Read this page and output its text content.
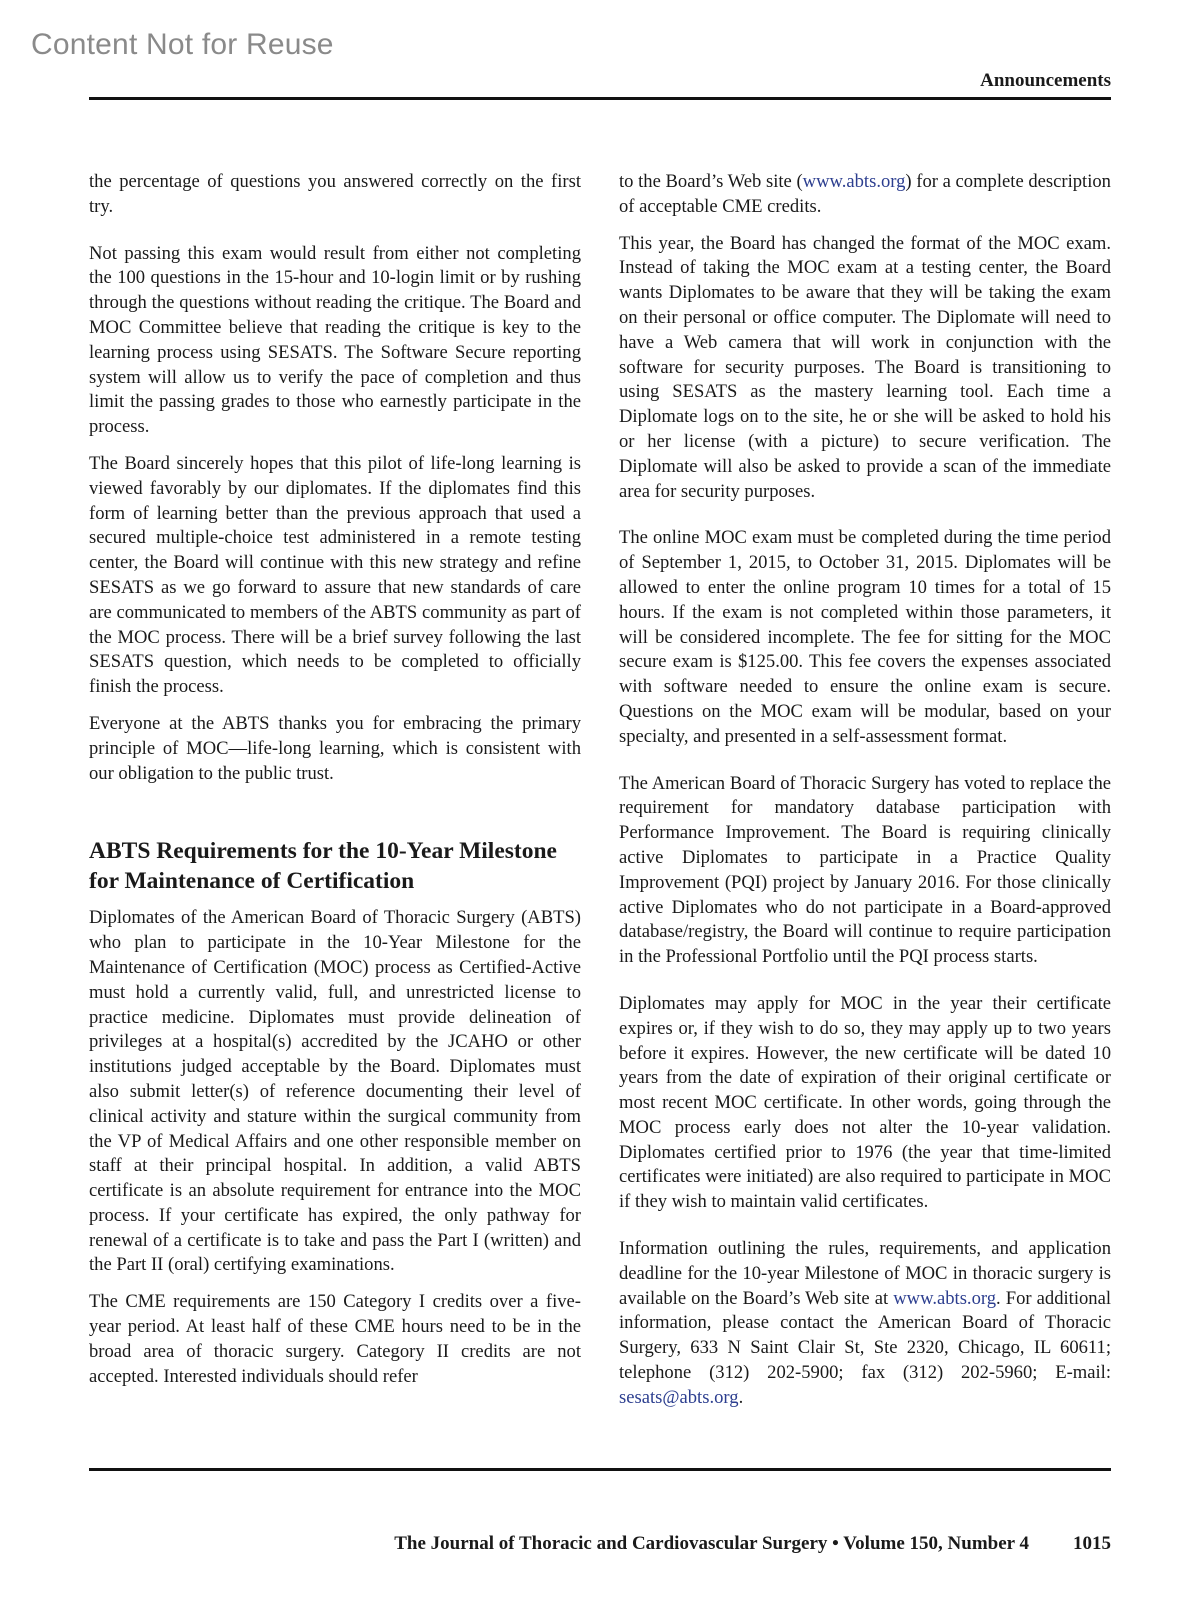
Content Not for Reuse
Announcements

the percentage of questions you answered correctly on the first try.

Not passing this exam would result from either not completing the 100 questions in the 15-hour and 10-login limit or by rushing through the questions without reading the critique. The Board and MOC Committee believe that reading the critique is key to the learning process using SESATS. The Software Secure reporting system will allow us to verify the pace of completion and thus limit the passing grades to those who earnestly participate in the process.

The Board sincerely hopes that this pilot of life-long learning is viewed favorably by our diplomates. If the diplomates find this form of learning better than the previous approach that used a secured multiple-choice test administered in a remote testing center, the Board will continue with this new strategy and refine SESATS as we go forward to assure that new standards of care are communicated to members of the ABTS community as part of the MOC process. There will be a brief survey following the last SESATS question, which needs to be completed to officially finish the process.

Everyone at the ABTS thanks you for embracing the primary principle of MOC—life-long learning, which is consistent with our obligation to the public trust.

ABTS Requirements for the 10-Year Milestone for Maintenance of Certification

Diplomates of the American Board of Thoracic Surgery (ABTS) who plan to participate in the 10-Year Milestone for the Maintenance of Certification (MOC) process as Certified-Active must hold a currently valid, full, and unrestricted license to practice medicine. Diplomates must provide delineation of privileges at a hospital(s) accredited by the JCAHO or other institutions judged acceptable by the Board. Diplomates must also submit letter(s) of reference documenting their level of clinical activity and stature within the surgical community from the VP of Medical Affairs and one other responsible member on staff at their principal hospital. In addition, a valid ABTS certificate is an absolute requirement for entrance into the MOC process. If your certificate has expired, the only pathway for renewal of a certificate is to take and pass the Part I (written) and the Part II (oral) certifying examinations.

The CME requirements are 150 Category I credits over a five-year period. At least half of these CME hours need to be in the broad area of thoracic surgery. Category II credits are not accepted. Interested individuals should refer

to the Board’s Web site (www.abts.org) for a complete description of acceptable CME credits.

This year, the Board has changed the format of the MOC exam. Instead of taking the MOC exam at a testing center, the Board wants Diplomates to be aware that they will be taking the exam on their personal or office computer. The Diplomate will need to have a Web camera that will work in conjunction with the software for security purposes. The Board is transitioning to using SESATS as the mastery learning tool. Each time a Diplomate logs on to the site, he or she will be asked to hold his or her license (with a picture) to secure verification. The Diplomate will also be asked to provide a scan of the immediate area for security purposes.

The online MOC exam must be completed during the time period of September 1, 2015, to October 31, 2015. Diplomates will be allowed to enter the online program 10 times for a total of 15 hours. If the exam is not completed within those parameters, it will be considered incomplete. The fee for sitting for the MOC secure exam is $125.00. This fee covers the expenses associated with software needed to ensure the online exam is secure. Questions on the MOC exam will be modular, based on your specialty, and presented in a self-assessment format.

The American Board of Thoracic Surgery has voted to replace the requirement for mandatory database participation with Performance Improvement. The Board is requiring clinically active Diplomates to participate in a Practice Quality Improvement (PQI) project by January 2016. For those clinically active Diplomates who do not participate in a Board-approved database/registry, the Board will continue to require participation in the Professional Portfolio until the PQI process starts.

Diplomates may apply for MOC in the year their certificate expires or, if they wish to do so, they may apply up to two years before it expires. However, the new certificate will be dated 10 years from the date of expiration of their original certificate or most recent MOC certificate. In other words, going through the MOC process early does not alter the 10-year validation. Diplomates certified prior to 1976 (the year that time-limited certificates were initiated) are also required to participate in MOC if they wish to maintain valid certificates.

Information outlining the rules, requirements, and application deadline for the 10-year Milestone of MOC in thoracic surgery is available on the Board’s Web site at www.abts.org. For additional information, please contact the American Board of Thoracic Surgery, 633 N Saint Clair St, Ste 2320, Chicago, IL 60611; telephone (312) 202-5900; fax (312) 202-5960; E-mail: sesats@abts.org.

The Journal of Thoracic and Cardiovascular Surgery • Volume 150, Number 4 1015
